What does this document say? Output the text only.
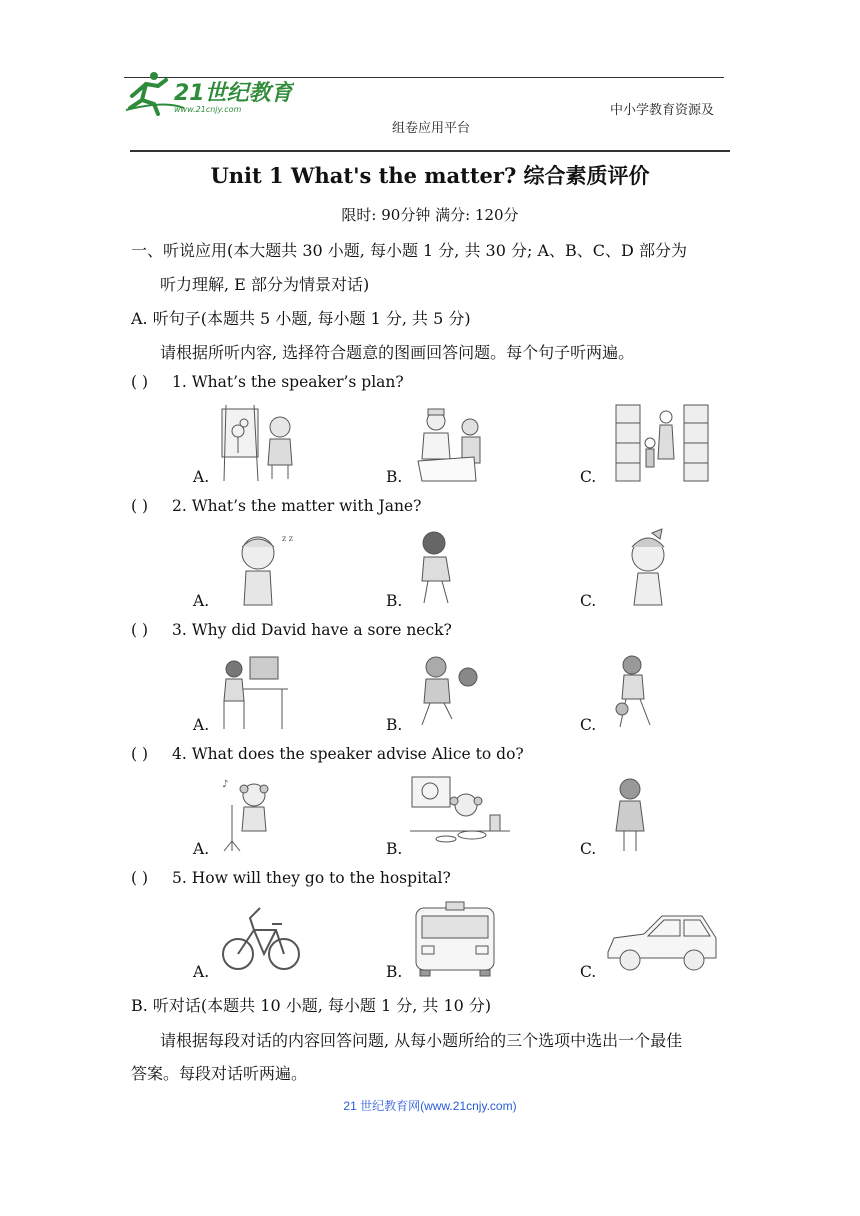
21世纪教育
www.21cnjy.com	中小学教育资源及
组卷应用平台
Unit 1 What's the matter? 综合素质评价
限时: 90分钟 满分: 120分
一、听说应用(本大题共 30 小题, 每小题 1 分, 共 30 分; A、B、C、D 部分为
听力理解, E 部分为情景对话)
A. 听句子(本题共 5 小题, 每小题 1 分, 共 5 分)
请根据所听内容, 选择符合题意的图画回答问题。每个句子听两遍。
( ) 1. What’s the speaker’s plan?
A.	B.	C.
( ) 2. What’s the matter with Jane?
A.	B.	C.
z z
( ) 3. Why did David have a sore neck?
A.	B.	C.
( ) 4. What does the speaker advise Alice to do?
A.	B.	C.
♪
( ) 5. How will they go to the hospital?
A.	B.	C.
B. 听对话(本题共 10 小题, 每小题 1 分, 共 10 分)
请根据每段对话的内容回答问题, 从每小题所给的三个选项中选出一个最佳
答案。每段对话听两遍。
21 世纪教育网(www.21cnjy.com)
